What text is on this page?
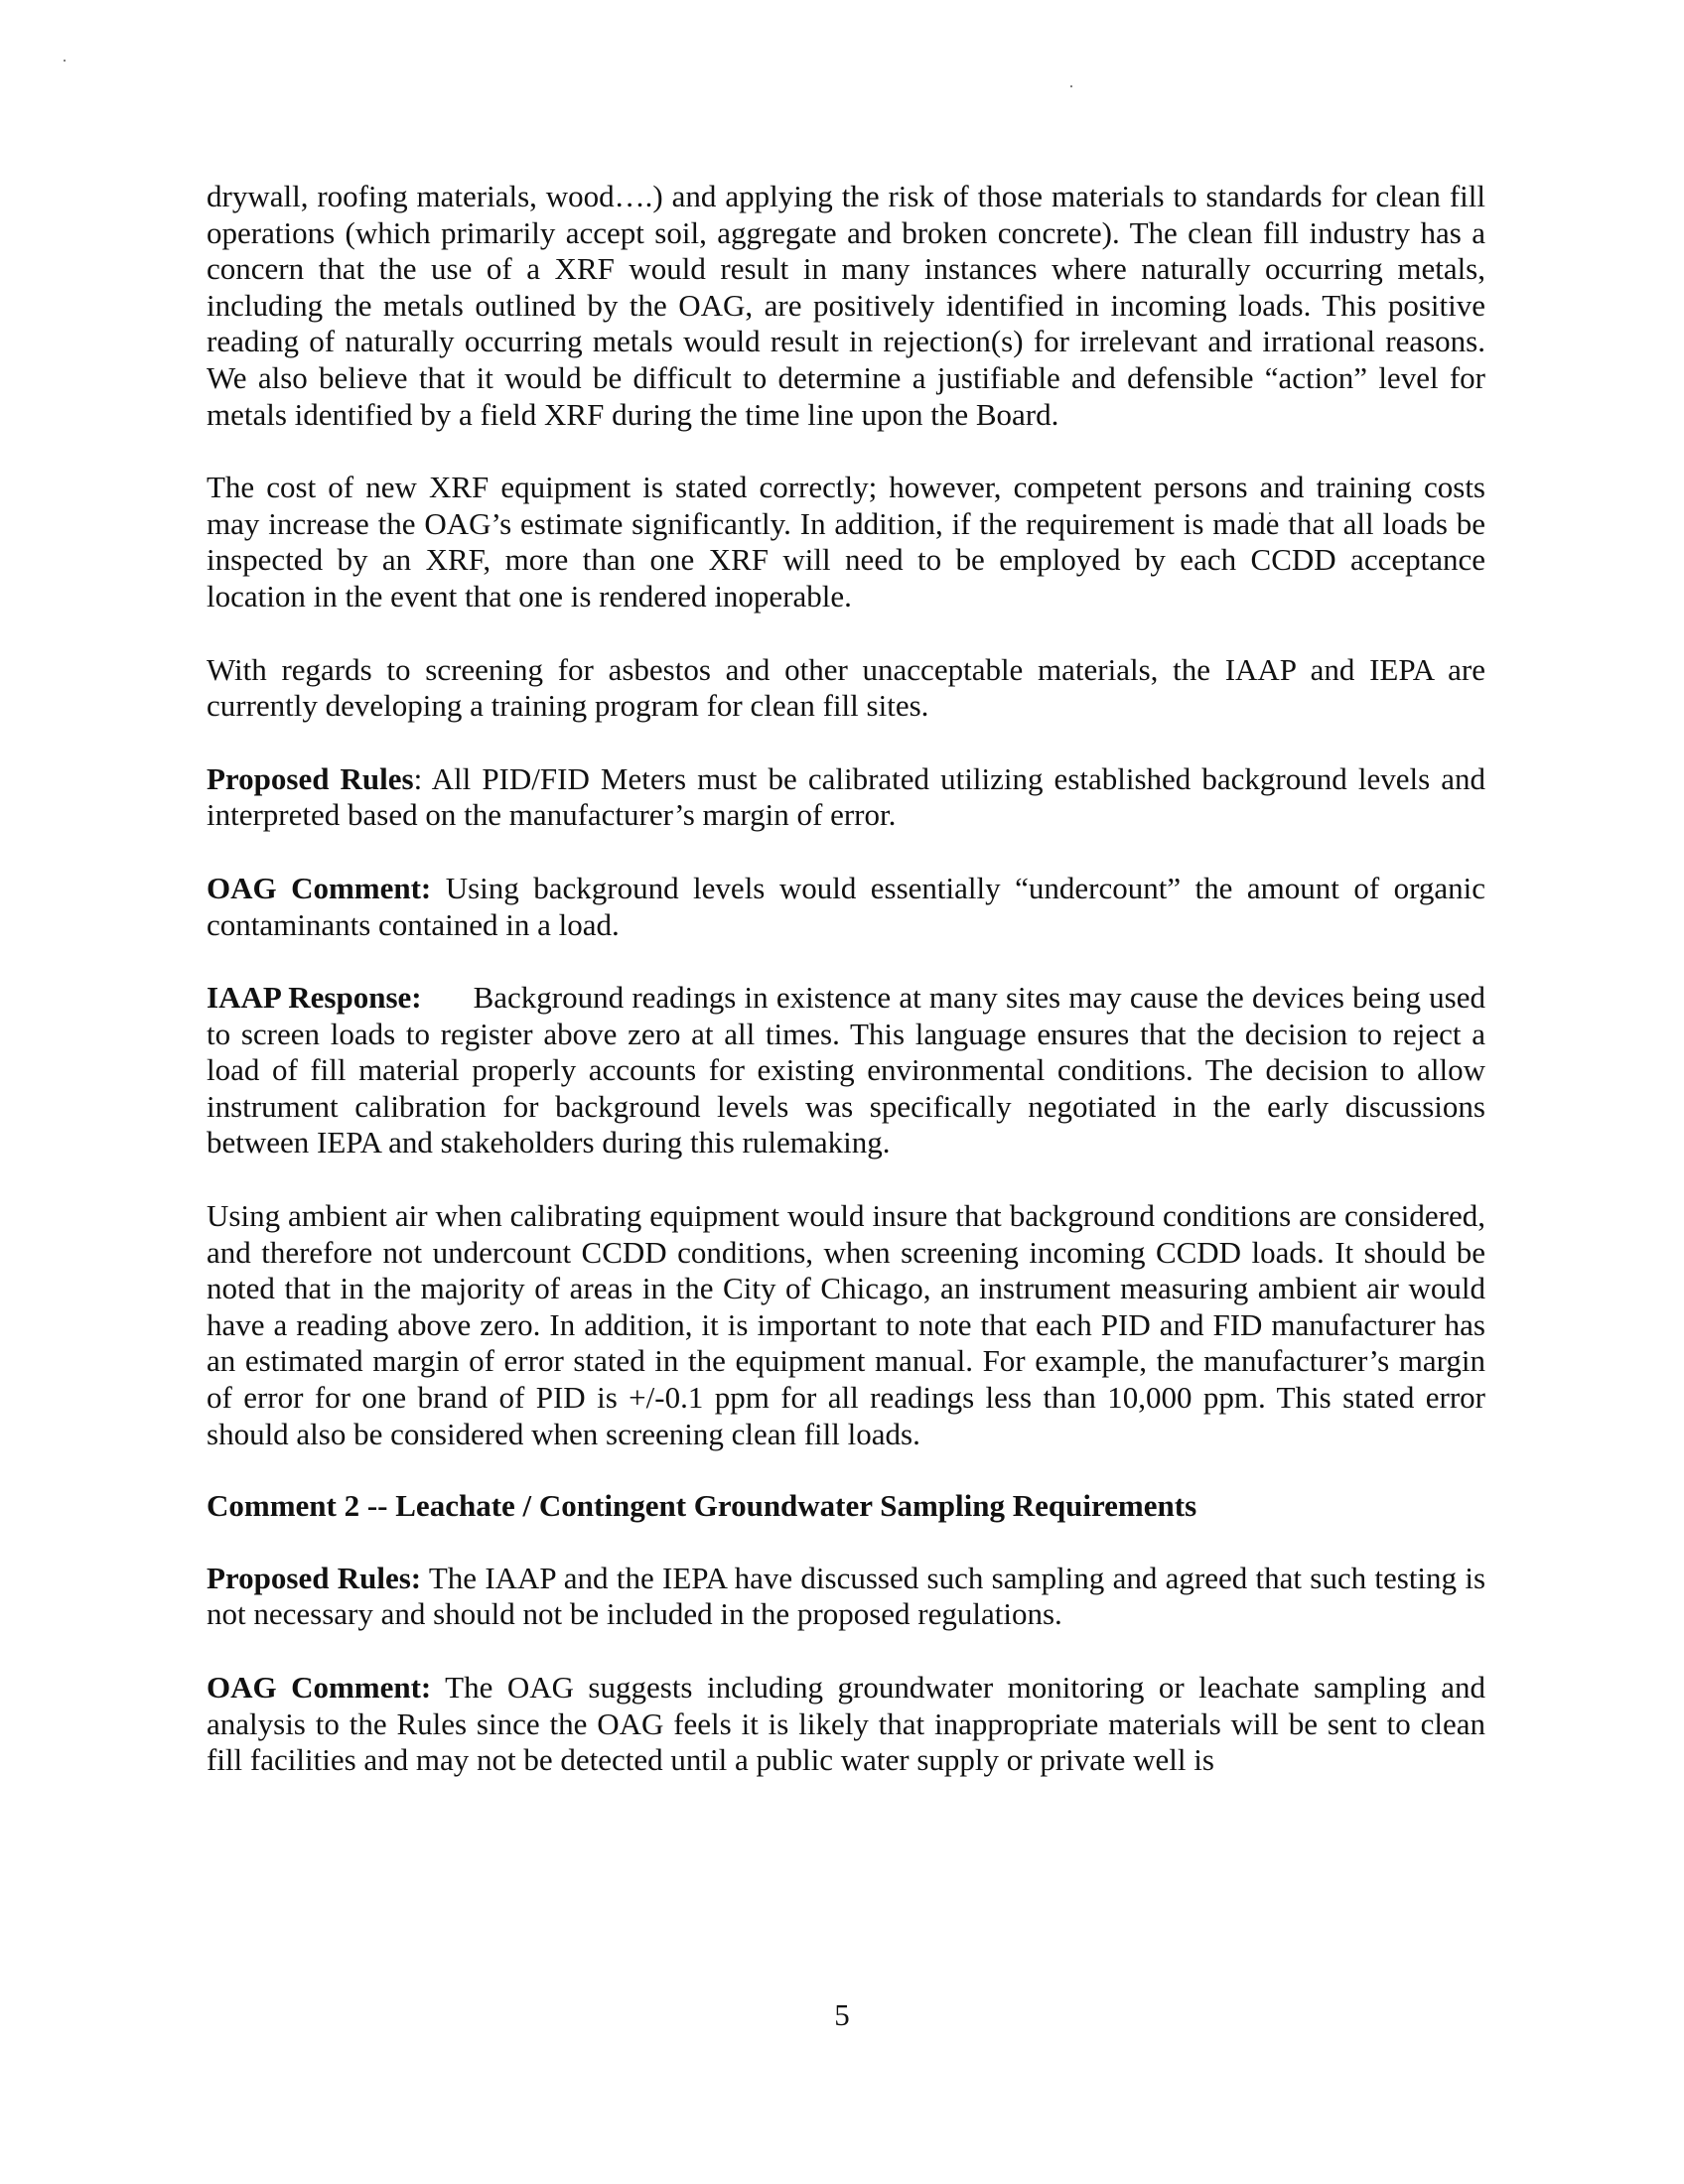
drywall, roofing materials, wood….) and applying the risk of those materials to standards for clean fill operations (which primarily accept soil, aggregate and broken concrete). The clean fill industry has a concern that the use of a XRF would result in many instances where naturally occurring metals, including the metals outlined by the OAG, are positively identified in incoming loads. This positive reading of naturally occurring metals would result in rejection(s) for irrelevant and irrational reasons. We also believe that it would be difficult to determine a justifiable and defensible “action” level for metals identified by a field XRF during the time line upon the Board.

The cost of new XRF equipment is stated correctly; however, competent persons and training costs may increase the OAG’s estimate significantly. In addition, if the requirement is made that all loads be inspected by an XRF, more than one XRF will need to be employed by each CCDD acceptance location in the event that one is rendered inoperable.

With regards to screening for asbestos and other unacceptable materials, the IAAP and IEPA are currently developing a training program for clean fill sites.

Proposed Rules: All PID/FID Meters must be calibrated utilizing established background levels and interpreted based on the manufacturer’s margin of error.

OAG Comment: Using background levels would essentially “undercount” the amount of organic contaminants contained in a load.

IAAP Response: Background readings in existence at many sites may cause the devices being used to screen loads to register above zero at all times. This language ensures that the decision to reject a load of fill material properly accounts for existing environmental conditions. The decision to allow instrument calibration for background levels was specifically negotiated in the early discussions between IEPA and stakeholders during this rulemaking.

Using ambient air when calibrating equipment would insure that background conditions are considered, and therefore not undercount CCDD conditions, when screening incoming CCDD loads. It should be noted that in the majority of areas in the City of Chicago, an instrument measuring ambient air would have a reading above zero. In addition, it is important to note that each PID and FID manufacturer has an estimated margin of error stated in the equipment manual. For example, the manufacturer’s margin of error for one brand of PID is +/-0.1 ppm for all readings less than 10,000 ppm. This stated error should also be considered when screening clean fill loads.

Comment 2 -- Leachate / Contingent Groundwater Sampling Requirements

Proposed Rules: The IAAP and the IEPA have discussed such sampling and agreed that such testing is not necessary and should not be included in the proposed regulations.

OAG Comment: The OAG suggests including groundwater monitoring or leachate sampling and analysis to the Rules since the OAG feels it is likely that inappropriate materials will be sent to clean fill facilities and may not be detected until a public water supply or private well is

5
